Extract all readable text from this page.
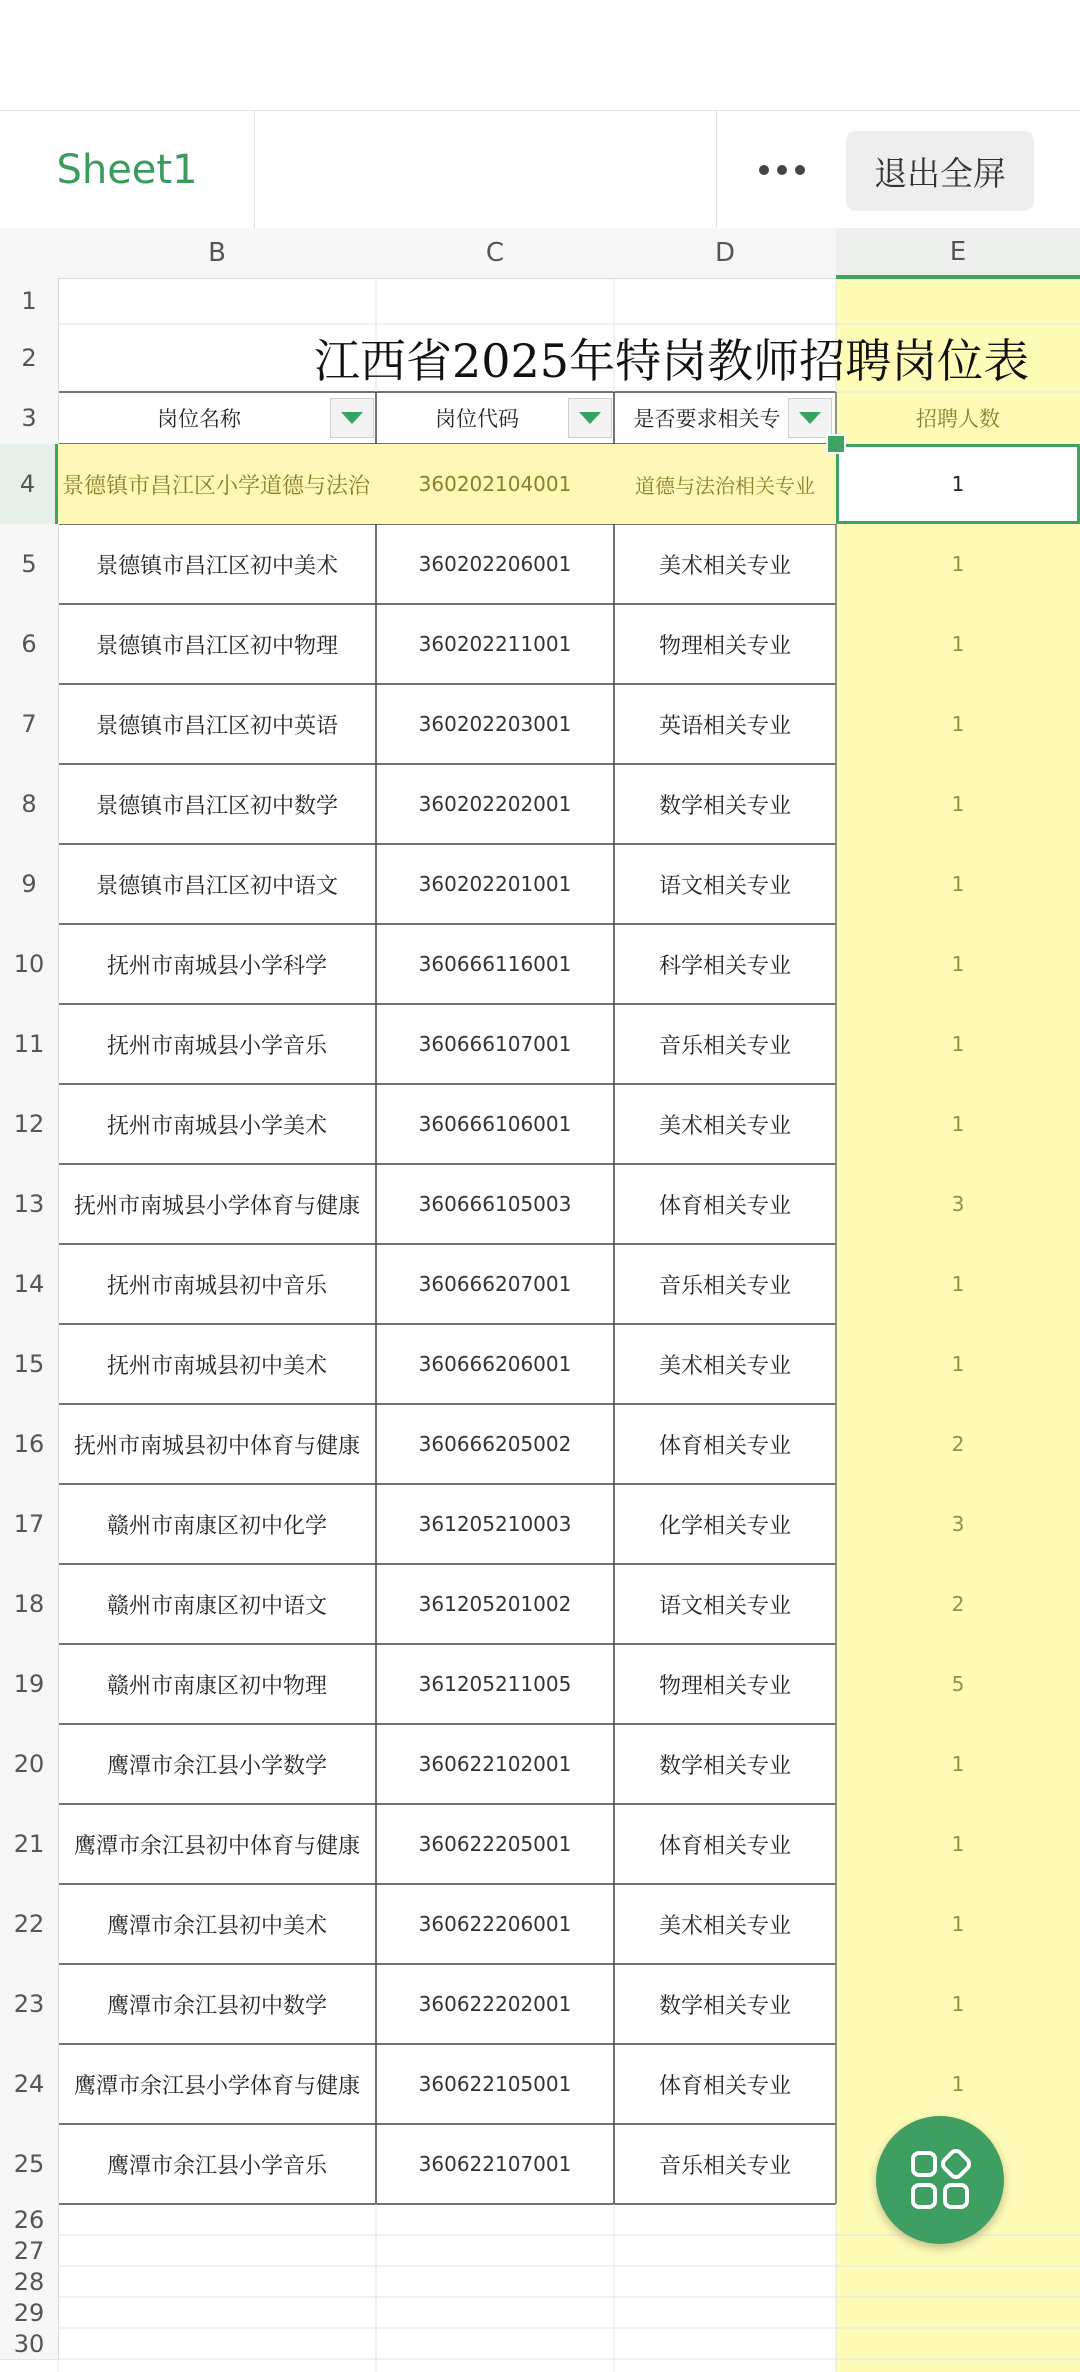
Sheet1	退出全屏
B	C	D	E
1
2
3
4
5
6
7
8
9
10
11
12
13
14
15
16
17
18
19
20
21
22
23
24
25
26
27
28
29
30
江西省2025年特岗教师招聘岗位表
岗位名称	岗位代码	是否要求相关专	招聘人数
景德镇市昌江区小学道德与法治	360202104001	道德与法治相关专业	1
景德镇市昌江区初中美术	360202206001	美术相关专业	1
景德镇市昌江区初中物理	360202211001	物理相关专业	1
景德镇市昌江区初中英语	360202203001	英语相关专业	1
景德镇市昌江区初中数学	360202202001	数学相关专业	1
景德镇市昌江区初中语文	360202201001	语文相关专业	1
抚州市南城县小学科学	360666116001	科学相关专业	1
抚州市南城县小学音乐	360666107001	音乐相关专业	1
抚州市南城县小学美术	360666106001	美术相关专业	1
抚州市南城县小学体育与健康	360666105003	体育相关专业	3
抚州市南城县初中音乐	360666207001	音乐相关专业	1
抚州市南城县初中美术	360666206001	美术相关专业	1
抚州市南城县初中体育与健康	360666205002	体育相关专业	2
赣州市南康区初中化学	361205210003	化学相关专业	3
赣州市南康区初中语文	361205201002	语文相关专业	2
赣州市南康区初中物理	361205211005	物理相关专业	5
鹰潭市余江县小学数学	360622102001	数学相关专业	1
鹰潭市余江县初中体育与健康	360622205001	体育相关专业	1
鹰潭市余江县初中美术	360622206001	美术相关专业	1
鹰潭市余江县初中数学	360622202001	数学相关专业	1
鹰潭市余江县小学体育与健康	360622105001	体育相关专业	1
鹰潭市余江县小学音乐	360622107001	音乐相关专业
